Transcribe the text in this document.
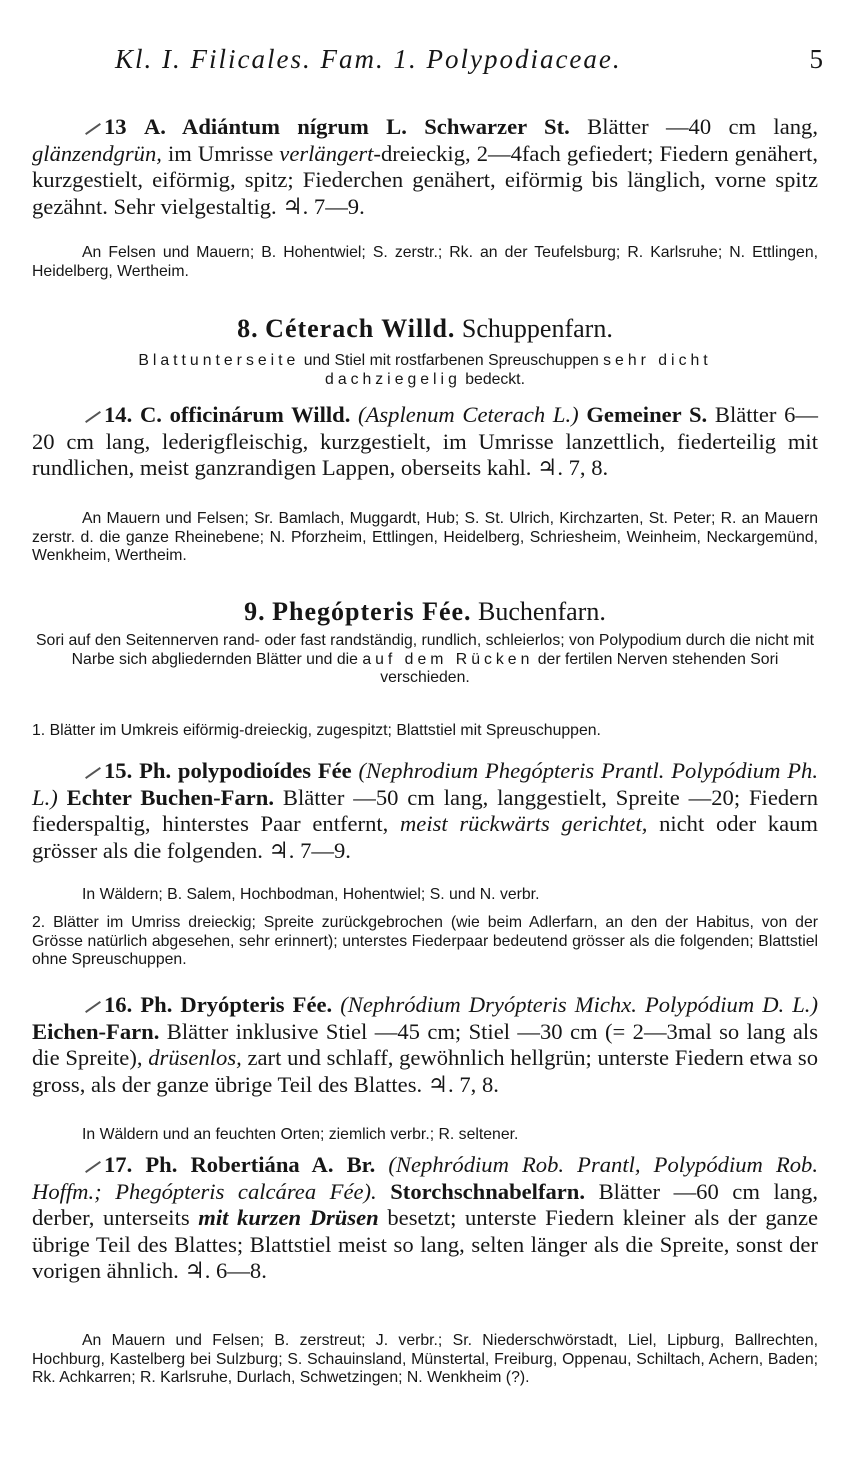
Kl. I. Filicales. Fam. 1. Polypodiaceae.	5
13 A. Adiántum nígrum L. Schwarzer St. Blätter —40 cm lang, glänzendgrün, im Umrisse verlängert-dreieckig, 2—4fach gefiedert; Fiedern genähert, kurzgestielt, eiförmig, spitz; Fiederchen genähert, eiförmig bis länglich, vorne spitz gezähnt. Sehr vielgestaltig. ♃. 7—9.
An Felsen und Mauern; B. Hohentwiel; S. zerstr.; Rk. an der Teufelsburg; R. Karlsruhe; N. Ettlingen, Heidelberg, Wertheim.
8. Céterach Willd. Schuppenfarn.
Blattunterseite und Stiel mit rostfarbenen Spreuschuppen sehr dicht
dachziegelig bedeckt.
14. C. officinárum Willd. (Asplenum Ceterach L.) Gemeiner S. Blätter 6—20 cm lang, lederigfleischig, kurzgestielt, im Umrisse lanzettlich, fiederteilig mit rundlichen, meist ganzrandigen Lappen, oberseits kahl. ♃. 7, 8.
An Mauern und Felsen; Sr. Bamlach, Muggardt, Hub; S. St. Ulrich, Kirchzarten, St. Peter; R. an Mauern zerstr. d. die ganze Rheinebene; N. Pforzheim, Ettlingen, Heidelberg, Schriesheim, Weinheim, Neckargemünd, Wenkheim, Wertheim.
9. Phegópteris Fée. Buchenfarn.
Sori auf den Seitennerven rand- oder fast randständig, rundlich, schleierlos; von Polypodium durch die nicht mit Narbe sich abgliedernden Blätter und die auf dem Rücken der fertilen Nerven stehenden Sori verschieden.
1. Blätter im Umkreis eiförmig-dreieckig, zugespitzt; Blattstiel mit Spreuschuppen.
15. Ph. polypodioídes Fée (Nephrodium Phegópteris Prantl. Polypódium Ph. L.) Echter Buchen-Farn. Blätter —50 cm lang, langgestielt, Spreite —20; Fiedern fiederspaltig, hinterstes Paar entfernt, meist rückwärts gerichtet, nicht oder kaum grösser als die folgenden. ♃. 7—9.
In Wäldern; B. Salem, Hochbodman, Hohentwiel; S. und N. verbr.
2. Blätter im Umriss dreieckig; Spreite zurückgebrochen (wie beim Adlerfarn, an den der Habitus, von der Grösse natürlich abgesehen, sehr erinnert); unterstes Fiederpaar bedeutend grösser als die folgenden; Blattstiel ohne Spreuschuppen.
16. Ph. Dryópteris Fée. (Nephródium Dryópteris Michx. Polypódium D. L.) Eichen-Farn. Blätter inklusive Stiel —45 cm; Stiel —30 cm (= 2—3mal so lang als die Spreite), drüsenlos, zart und schlaff, gewöhnlich hellgrün; unterste Fiedern etwa so gross, als der ganze übrige Teil des Blattes. ♃. 7, 8.
In Wäldern und an feuchten Orten; ziemlich verbr.; R. seltener.
17. Ph. Robertiána A. Br. (Nephródium Rob. Prantl, Polypódium Rob. Hoffm.; Phegópteris calcárea Fée). Storchschnabelfarn. Blätter —60 cm lang, derber, unterseits mit kurzen Drüsen besetzt; unterste Fiedern kleiner als der ganze übrige Teil des Blattes; Blattstiel meist so lang, selten länger als die Spreite, sonst der vorigen ähnlich. ♃. 6—8.
An Mauern und Felsen; B. zerstreut; J. verbr.; Sr. Niederschwörstadt, Liel, Lipburg, Ballrechten, Hochburg, Kastelberg bei Sulzburg; S. Schauinsland, Münstertal, Freiburg, Oppenau, Schiltach, Achern, Baden; Rk. Achkarren; R. Karlsruhe, Durlach, Schwetzingen; N. Wenkheim (?).
